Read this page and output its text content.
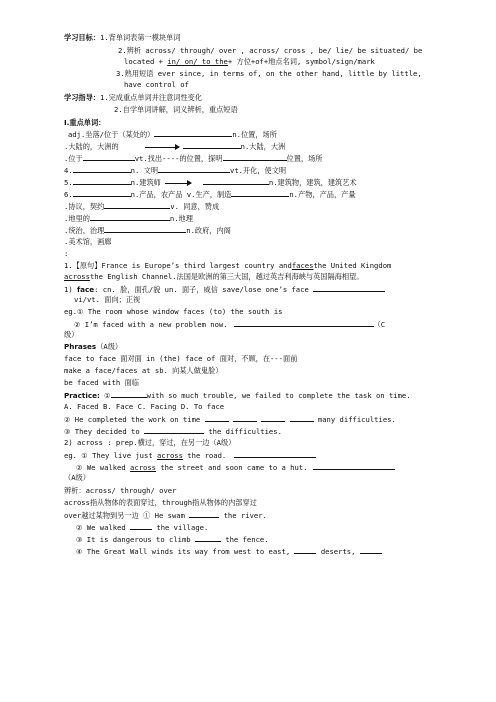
学习目标：1.背单词表第一模块单词
2.辨析 across/ through/ over , across/ cross , be/ lie/ be situated/ be
located + in/ on/ to the+ 方位+of+地点名词, symbol/sign/mark
3.熟用短语 ever since, in terms of, on the other hand, little by little,
have control of
学习指导：1.完成重点单词并注意词性变化
2.自学单词讲解，词义辨析，重点短语
I.重点单词：
adj.坐落/位于（某处的）	n.位置，场所
.大陆的，大洲的	n.大陆，大洲
.位于	vt.找出----的位置，探明	位置，场所
4.	n. 文明	vt.开化，使文明
5.	n.建筑师	n.建筑物，建筑，建筑艺术
6.	n.产品，农产品 v.生产，制造	n.产物，产品，产量
.协议，契约	v. 同意，赞成
.地里的	n.地理
.统治，治理	n.政府，内阁
.美术馆，画廊
:
1.【原句】France is Europe’s third largest country andfacesthe United Kingdom
acrossthe English Channel.法国是欧洲的第三大国，越过英吉利海峡与英国隔海相望。
1) face: cn. 脸，面孔/貌 un. 面子，威信 save/lose one’s face
vi/vt. 面向；正视
eg.① The room whose window faces (to) the south is
② I’m faced with a new problem now.	（C
级）
Phrases（A级）
face to face 面对面 in (the) face of 面对，不顾，在---面前
make a face/faces at sb. 向某人做鬼脸）
be faced with 面临
Practice: ①	with so much trouble, we failed to complete the task on time.
A. Faced B. Face C. Facing D. To face
② He completed the work on time	many difficulties.
③ They decided to	the difficulties.
2) across : prep.横过，穿过，在另一边（A级）
eg. ① They live just across the road.
② We walked across the street and soon came to a hut.
（A级）
辨析：across/ through/ over
across指从物体的表面穿过，through指从物体的内部穿过
over越过某物到另一边 ① He swam	the river.
② We walked	the village.
③ It is dangerous to climb	the fence.
④ The Great Wall winds its way from west to east,	deserts,
